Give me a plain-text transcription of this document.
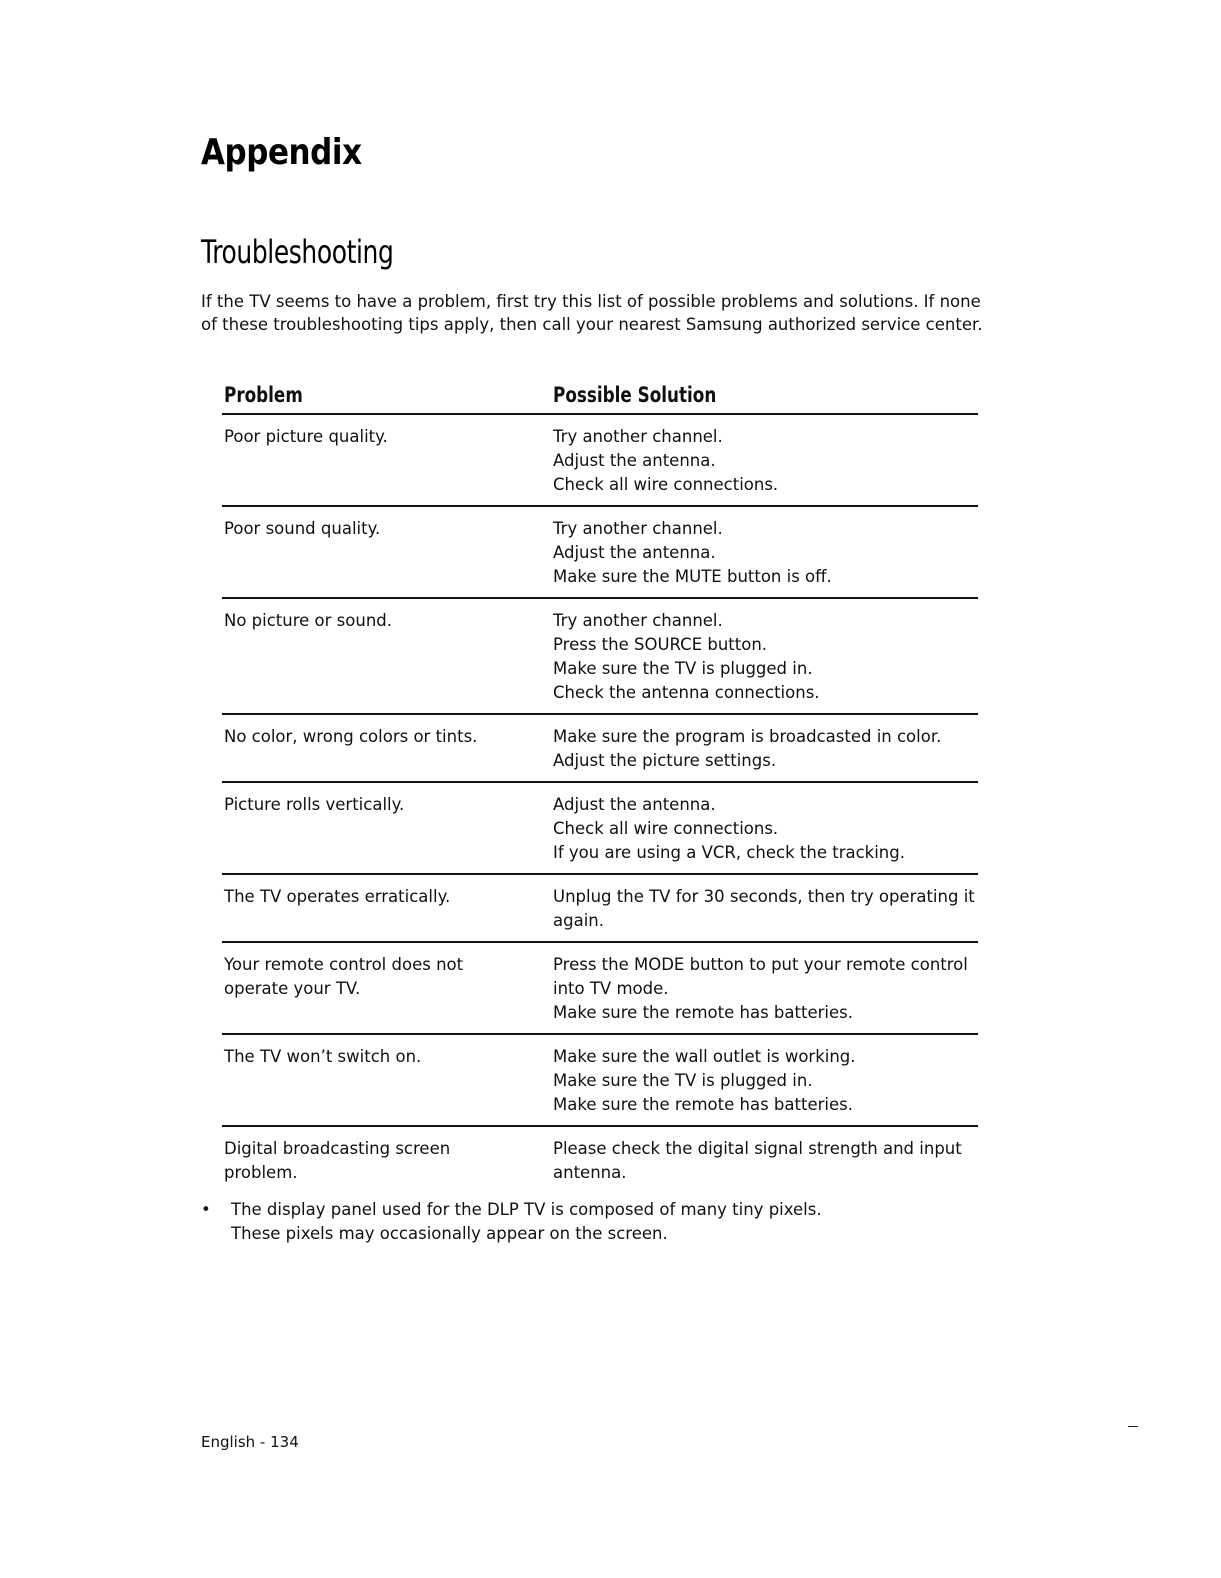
Appendix
Troubleshooting

If the TV seems to have a problem, first try this list of possible problems and solutions. If none of these troubleshooting tips apply, then call your nearest Samsung authorized service center.

Problem	Possible Solution

Poor picture quality.	Try another channel.
Adjust the antenna.
Check all wire connections.

Poor sound quality.	Try another channel.
Adjust the antenna.
Make sure the MUTE button is off.

No picture or sound.	Try another channel.
Press the SOURCE button.
Make sure the TV is plugged in.
Check the antenna connections.

No color, wrong colors or tints.	Make sure the program is broadcasted in color.
Adjust the picture settings.

Picture rolls vertically.	Adjust the antenna.
Check all wire connections.
If you are using a VCR, check the tracking.

The TV operates erratically.	Unplug the TV for 30 seconds, then try operating it
again.

Your remote control does not
operate your TV.	Press the MODE button to put your remote control
into TV mode.
Make sure the remote has batteries.

The TV won’t switch on.	Make sure the wall outlet is working.
Make sure the TV is plugged in.
Make sure the remote has batteries.

Digital broadcasting screen
problem.	Please check the digital signal strength and input
antenna.
•	The display panel used for the DLP TV is composed of many tiny pixels.
These pixels may occasionally appear on the screen.

English - 134
